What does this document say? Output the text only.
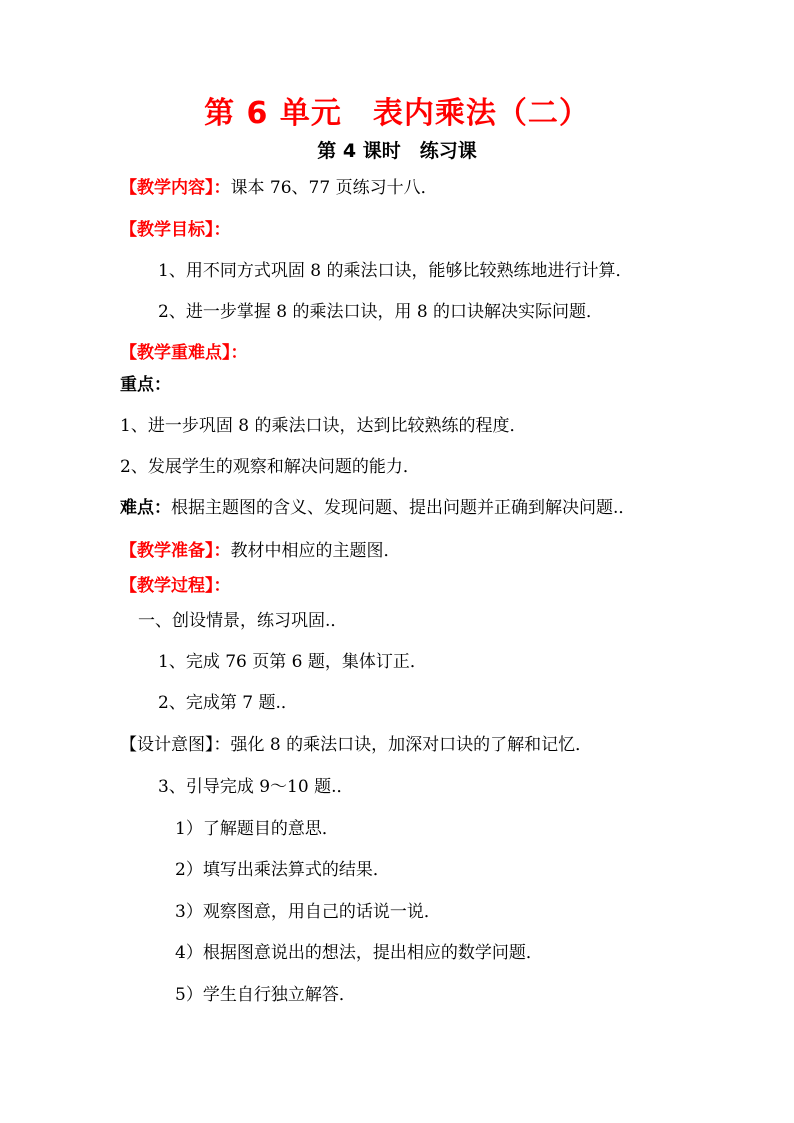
第 6 单元　表内乘法（二）
第 4 课时　练习课
【教学内容】：课本 76、77 页练习十八．
【教学目标】：
1、用不同方式巩固 8 的乘法口诀，能够比较熟练地进行计算．
2、进一步掌握 8 的乘法口诀，用 8 的口诀解决实际问题．
【教学重难点】：
重点：
1、进一步巩固 8 的乘法口诀，达到比较熟练的程度．
2、发展学生的观察和解决问题的能力．
难点：根据主题图的含义、发现问题、提出问题并正确到解决问题.．
【教学准备】：教材中相应的主题图．
【教学过程】：
一、创设情景，练习巩固.．
1、完成 76 页第 6 题，集体订正．
2、完成第 7 题.．
【设计意图】：强化 8 的乘法口诀，加深对口诀的了解和记忆．
3、引导完成 9～10 题.．
1）了解题目的意思．
2）填写出乘法算式的结果．
3）观察图意，用自己的话说一说．
4）根据图意说出的想法，提出相应的数学问题．
5）学生自行独立解答．
